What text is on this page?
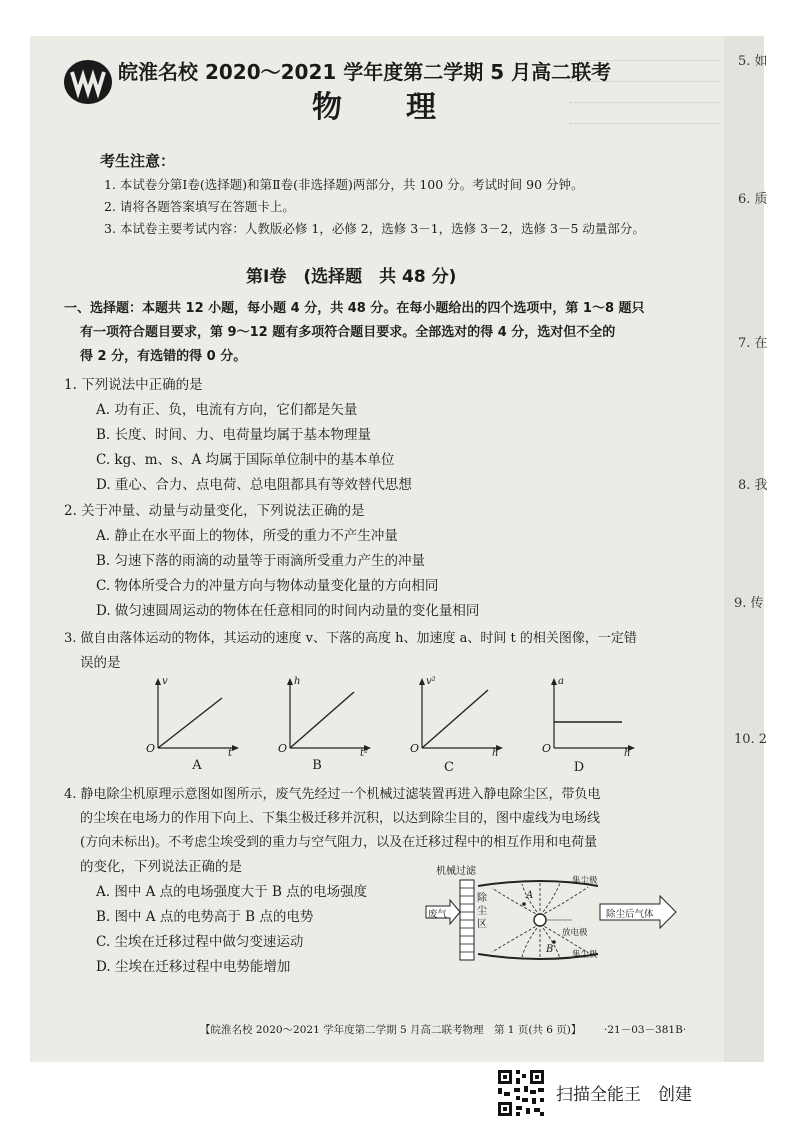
皖淮名校 2020～2021 学年度第二学期 5 月高二联考
物理
考生注意：
1. 本试卷分第Ⅰ卷(选择题)和第Ⅱ卷(非选择题)两部分，共 100 分。考试时间 90 分钟。
2. 请将各题答案填写在答题卡上。
3. 本试卷主要考试内容：人教版必修 1，必修 2，选修 3－1，选修 3－2，选修 3－5 动量部分。
第Ⅰ卷　(选择题　共 48 分)
一、选择题：本题共 12 小题，每小题 4 分，共 48 分。在每小题给出的四个选项中，第 1～8 题只
有一项符合题目要求，第 9～12 题有多项符合题目要求。全部选对的得 4 分，选对但不全的
得 2 分，有选错的得 0 分。
1. 下列说法中正确的是
A. 功有正、负，电流有方向，它们都是矢量
B. 长度、时间、力、电荷量均属于基本物理量
C. kg、m、s、A 均属于国际单位制中的基本单位
D. 重心、合力、点电荷、总电阻都具有等效替代思想
2. 关于冲量、动量与动量变化，下列说法正确的是
A. 静止在水平面上的物体，所受的重力不产生冲量
B. 匀速下落的雨滴的动量等于雨滴所受重力产生的冲量
C. 物体所受合力的冲量方向与物体动量变化量的方向相同
D. 做匀速圆周运动的物体在任意相同的时间内动量的变化量相同
3. 做自由落体运动的物体，其运动的速度 v、下落的高度 h、加速度 a、时间 t 的相关图像，一定错
误的是
v
t
O
A
h
t²
O
B
v²
h
O
C
a
h
O
D
4. 静电除尘机原理示意图如图所示，废气先经过一个机械过滤装置再进入静电除尘区，带负电
的尘埃在电场力的作用下向上、下集尘极迁移并沉积，以达到除尘目的，图中虚线为电场线
(方向未标出)。不考虑尘埃受到的重力与空气阻力，以及在迁移过程中的相互作用和电荷量
的变化，下列说法正确的是
A. 图中 A 点的电场强度大于 B 点的电场强度
B. 图中 A 点的电势高于 B 点的电势
C. 尘埃在迁移过程中做匀变速运动
D. 尘埃在迁移过程中电势能增加
机械过滤
废气
除
尘
区
集尘极
放电极
集尘极
除尘后气体
A
B
【皖淮名校 2020～2021 学年度第二学期 5 月高二联考物理　第 1 页(共 6 页)】 ·21－03－381B·
5. 如
6. 质
7. 在
8. 我
9. 传
10. 2
扫描全能王　创建
